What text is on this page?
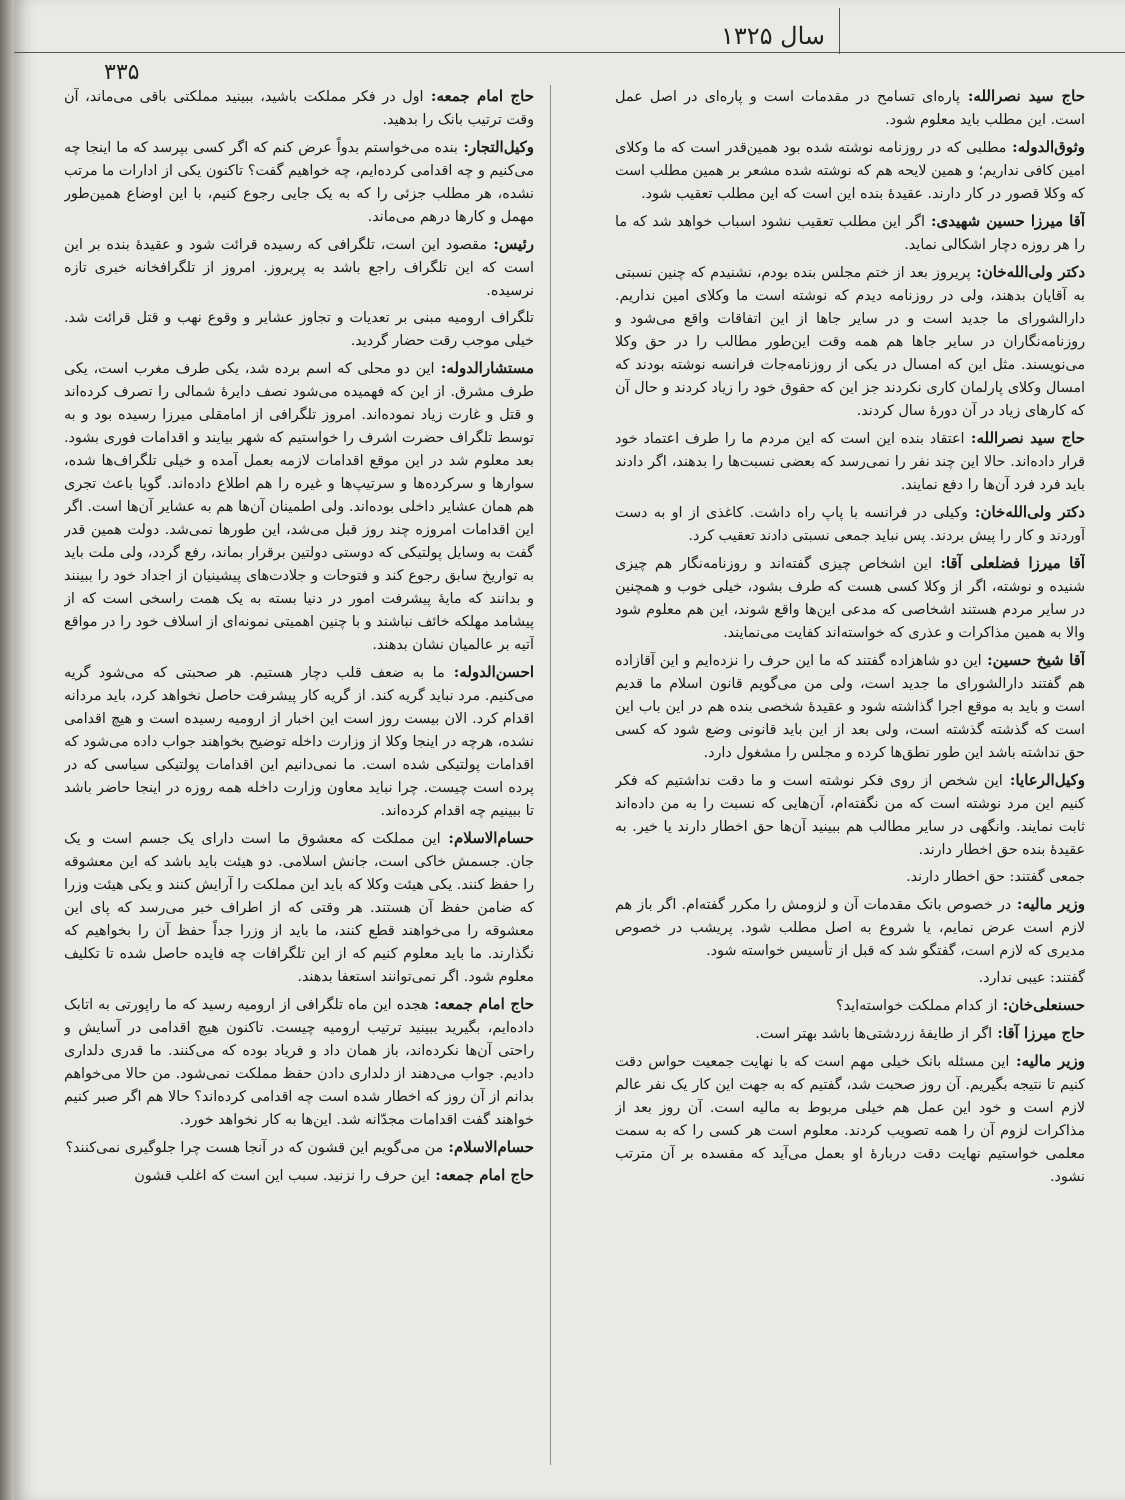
سال ۱۳۲۵
۳۳۵

حاج سید نصرالله: پاره‌ای تسامح در مقدمات است و پاره‌ای در اصل عمل است. این مطلب باید معلوم شود.

وثوق‌الدوله: مطلبی که در روزنامه نوشته شده بود همین‌قدر است که ما وکلای امین کافی نداریم؛ و همین لایحه هم که نوشته شده مشعر بر همین مطلب است که وکلا قصور در کار دارند. عقیدهٔ بنده این است که این مطلب تعقیب شود.

آقا میرزا حسین شهیدی: اگر این مطلب تعقیب نشود اسباب خواهد شد که ما را هر روزه دچار اشکالی نماید.

دکتر ولی‌الله‌خان: پریروز بعد از ختم مجلس بنده بودم، نشنیدم که چنین نسبتی به آقایان بدهند، ولی در روزنامه دیدم که نوشته است ما وکلای امین نداریم. دارالشورای ما جدید است و در سایر جاها از این اتفاقات واقع می‌شود و روزنامه‌نگاران در سایر جاها هم همه وقت این‌طور مطالب را در حق وکلا می‌نویسند. مثل این که امسال در یکی از روزنامه‌جات فرانسه نوشته بودند که امسال وکلای پارلمان کاری نکردند جز این که حقوق خود را زیاد کردند و حال آن که کارهای زیاد در آن دورهٔ سال کردند.

حاج سید نصرالله: اعتقاد بنده این است که این مردم ما را طرف اعتماد خود قرار داده‌اند. حالا این چند نفر را نمی‌رسد که بعضی نسبت‌ها را بدهند، اگر دادند باید فرد فرد آن‌ها را دفع نمایند.

دکتر ولی‌الله‌خان: وکیلی در فرانسه با پاپ راه داشت. کاغذی از او به دست آوردند و کار را پیش بردند. پس نباید جمعی نسبتی دادند تعقیب کرد.

آقا میرزا فضلعلی آقا: این اشخاص چیزی گفته‌اند و روزنامه‌نگار هم چیزی شنیده و نوشته، اگر از وکلا کسی هست که طرف بشود، خیلی خوب و همچنین در سایر مردم هستند اشخاصی که مدعی این‌ها واقع شوند، این هم معلوم شود والا به همین مذاکرات و عذری که خواسته‌اند کفایت می‌نمایند.

آقا شیخ حسین: این دو شاهزاده گفتند که ما این حرف را نزده‌ایم و این آقازاده هم گفتند دارالشورای ما جدید است، ولی من می‌گویم قانون اسلام ما قدیم است و باید به موقع اجرا گذاشته شود و عقیدهٔ شخصی بنده هم در این باب این است که گذشته گذشته است، ولی بعد از این باید قانونی وضع شود که کسی حق نداشته باشد این طور نطق‌ها کرده و مجلس را مشغول دارد.

وکیل‌الرعایا: این شخص از روی فکر نوشته است و ما دقت نداشتیم که فکر کنیم این مرد نوشته است که من نگفته‌ام، آن‌هایی که نسبت را به من داده‌اند ثابت نمایند. وانگهی در سایر مطالب هم ببینید آن‌ها حق اخطار دارند یا خیر. به عقیدهٔ بنده حق اخطار دارند.

جمعی گفتند: حق اخطار دارند.

وزیر مالیه: در خصوص بانک مقدمات آن و لزومش را مکرر گفته‌ام. اگر باز هم لازم است عرض نمایم، یا شروع به اصل مطلب شود. پریشب در خصوص مدیری که لازم است، گفتگو شد که قبل از تأسیس خواسته شود.

گفتند: عیبی ندارد.

حسنعلی‌خان: از کدام مملکت خواسته‌اید؟

حاج میرزا آقا: اگر از طایفهٔ زردشتی‌ها باشد بهتر است.

وزیر مالیه: این مسئله بانک خیلی مهم است که با نهایت جمعیت حواس دقت کنیم تا نتیجه بگیریم. آن روز صحبت شد، گفتیم که به جهت این کار یک نفر عالم لازم است و خود این عمل هم خیلی مربوط به مالیه است. آن روز بعد از مذاکرات لزوم آن را همه تصویب کردند. معلوم است هر کسی را که به سمت معلمی خواستیم نهایت دقت دربارهٔ او بعمل می‌آید که مفسده بر آن مترتب نشود.

حاج امام جمعه: اول در فکر مملکت باشید، ببینید مملکتی باقی می‌ماند، آن وقت ترتیب بانک را بدهید.

وکیل‌التجار: بنده می‌خواستم بدواً عرض کنم که اگر کسی بپرسد که ما اینجا چه می‌کنیم و چه اقدامی کرده‌ایم، چه خواهیم گفت؟ تاکنون یکی از ادارات ما مرتب نشده، هر مطلب جزئی را که به یک جایی رجوع کنیم، با این اوضاع همین‌طور مهمل و کارها درهم می‌ماند.

رئیس: مقصود این است، تلگرافی که رسیده قرائت شود و عقیدهٔ بنده بر این است که این تلگراف راجع باشد به پریروز. امروز از تلگرافخانه خبری تازه نرسیده.

تلگراف ارومیه مبنی بر تعدیات و تجاوز عشایر و وقوع نهب و قتل قرائت شد. خیلی موجب رقت حضار گردید.

مستشارالدوله: این دو محلی که اسم برده شد، یکی طرف مغرب است، یکی طرف مشرق. از این که فهمیده می‌شود نصف دایرهٔ شمالی را تصرف کرده‌اند و قتل و غارت زیاد نموده‌اند. امروز تلگرافی از امامقلی میرزا رسیده بود و به توسط تلگراف حضرت اشرف را خواستیم که شهر بیایند و اقدامات فوری بشود. بعد معلوم شد در این موقع اقدامات لازمه بعمل آمده و خیلی تلگراف‌ها شده، سوارها و سرکرده‌ها و سرتیپ‌ها و غیره را هم اطلاع داده‌اند. گویا باعث تجری هم همان عشایر داخلی بوده‌اند. ولی اطمینان آن‌ها هم به عشایر آن‌ها است. اگر این اقدامات امروزه چند روز قبل می‌شد، این طورها نمی‌شد. دولت همین قدر گفت به وسایل پولتیکی که دوستی دولتین برقرار بماند، رفع گردد، ولی ملت باید به تواریخ سابق رجوع کند و فتوحات و جلادت‌های پیشینیان از اجداد خود را ببینند و بدانند که مایهٔ پیشرفت امور در دنیا بسته به یک همت راسخی است که از پیشامد مهلکه خائف نباشند و با چنین اهمیتی نمونه‌ای از اسلاف خود را در مواقع آتیه بر عالمیان نشان بدهند.

احسن‌الدوله: ما به ضعف قلب دچار هستیم. هر صحبتی که می‌شود گریه می‌کنیم. مرد نباید گریه کند. از گریه کار پیشرفت حاصل نخواهد کرد، باید مردانه اقدام کرد. الان بیست روز است این اخبار از ارومیه رسیده است و هیچ اقدامی نشده، هرچه در اینجا وکلا از وزارت داخله توضیح بخواهند جواب داده می‌شود که اقدامات پولتیکی شده است. ما نمی‌دانیم این اقدامات پولتیکی سیاسی که در پرده است چیست. چرا نباید معاون وزارت داخله همه روزه در اینجا حاضر باشد تا ببینیم چه اقدام کرده‌اند.

حسام‌الاسلام: این مملکت که معشوق ما است دارای یک جسم است و یک جان. جسمش خاکی است، جانش اسلامی. دو هیئت باید باشد که این معشوقه را حفظ کنند. یکی هیئت وکلا که باید این مملکت را آرایش کنند و یکی هیئت وزرا که ضامن حفظ آن هستند. هر وقتی که از اطراف خبر می‌رسد که پای این معشوقه را می‌خواهند قطع کنند، ما باید از وزرا جداً حفظ آن را بخواهیم که نگذارند. ما باید معلوم کنیم که از این تلگرافات چه فایده حاصل شده تا تکلیف معلوم شود. اگر نمی‌توانند استعفا بدهند.

حاج امام جمعه: هجده این ماه تلگرافی از ارومیه رسید که ما راپورتی به اتابک داده‌ایم، بگیرید ببینید ترتیب ارومیه چیست. تاکنون هیچ اقدامی در آسایش و راحتی آن‌ها نکرده‌اند، باز همان داد و فریاد بوده که می‌کنند. ما قدری دلداری دادیم. جواب می‌دهند از دلداری دادن حفظ مملکت نمی‌شود. من حالا می‌خواهم بدانم از آن روز که اخطار شده است چه اقدامی کرده‌اند؟ حالا هم اگر صبر کنیم خواهند گفت اقدامات مجدّانه شد. این‌ها به کار نخواهد خورد.

حسام‌الاسلام: من می‌گویم این قشون که در آنجا هست چرا جلوگیری نمی‌کنند؟

حاج امام جمعه: این حرف را نزنید. سبب این است که اغلب قشون
